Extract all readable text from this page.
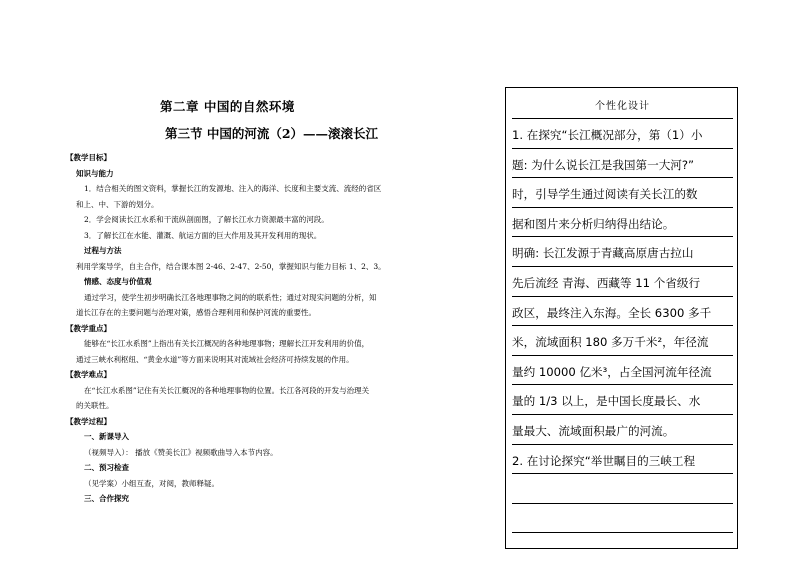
第二章 中国的自然环境
第三节 中国的河流（2）——滚滚长江
【教学目标】
知识与能力
1．结合相关的图文资料，掌握长江的发源地、注入的海洋、长度和主要支流、流经的省区
和上、中、下游的划分。
2．学会阅读长江水系和干流纵剖面图，了解长江水力资源最丰富的河段。
3．了解长江在水能、灌溉、航运方面的巨大作用及其开发利用的现状。
过程与方法
利用学案导学，自主合作，结合课本图 2-46、2-47、2-50，掌握知识与能力目标 1、2、3。
情感、态度与价值观
通过学习，使学生初步明确长江各地理事物之间的的联系性；通过对现实问题的分析，知
道长江存在的主要问题与治理对策，感悟合理利用和保护河流的重要性。
【教学重点】
能够在“长江水系图”上指出有关长江概况的各种地理事物；理解长江开发利用的价值，
通过三峡水利枢纽、“黄金水道”等方面来说明其对流域社会经济可持续发展的作用。
【教学难点】
在“长江水系图”记住有关长江概况的各种地理事物的位置。长江各河段的开发与治理关
的关联性。
【教学过程】
一、新课导入
（视频导入）： 播放《赞美长江》视频歌曲导入本节内容。
二、预习检查
（见学案）小组互查，对阅，教师释疑。
三、合作探究
个性化设计
1. 在探究“长江概况部分，第（1）小
题: 为什么说长江是我国第一大河?”
时，引导学生通过阅读有关长江的数
据和图片来分析归纳得出结论。
明确: 长江发源于青藏高原唐古拉山
先后流经 青海、西藏等 11 个省级行
政区，最终注入东海。全长 6300 多千
米，流域面积 180 多万千米²，年径流
量约 10000 亿米³，占全国河流年径流
量的 1/3 以上，是中国长度最长、水
量最大、流域面积最广的河流。
2. 在讨论探究“举世瞩目的三峡工程
